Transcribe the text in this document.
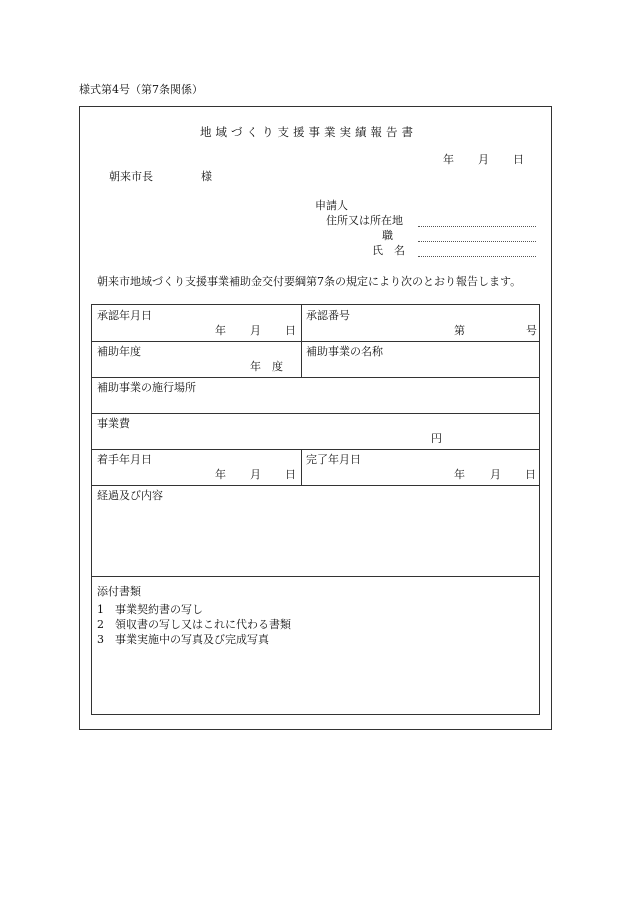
様式第4号（第7条関係）
地域づくり支援事業実績報告書
年 月 日
朝来市長	様
申請人
住所又は所在地
職
氏　名
朝来市地域づくり支援事業補助金交付要綱第7条の規定により次のとおり報告します。
承認年月日
年 月 日
承認番号
第	号
補助年度
年　度
補助事業の名称
補助事業の施行場所
事業費
円
着手年月日
年 月 日
完了年月日
年 月 日
経過及び内容
添付書類
1 事業契約書の写し
2 領収書の写し又はこれに代わる書類
3 事業実施中の写真及び完成写真
